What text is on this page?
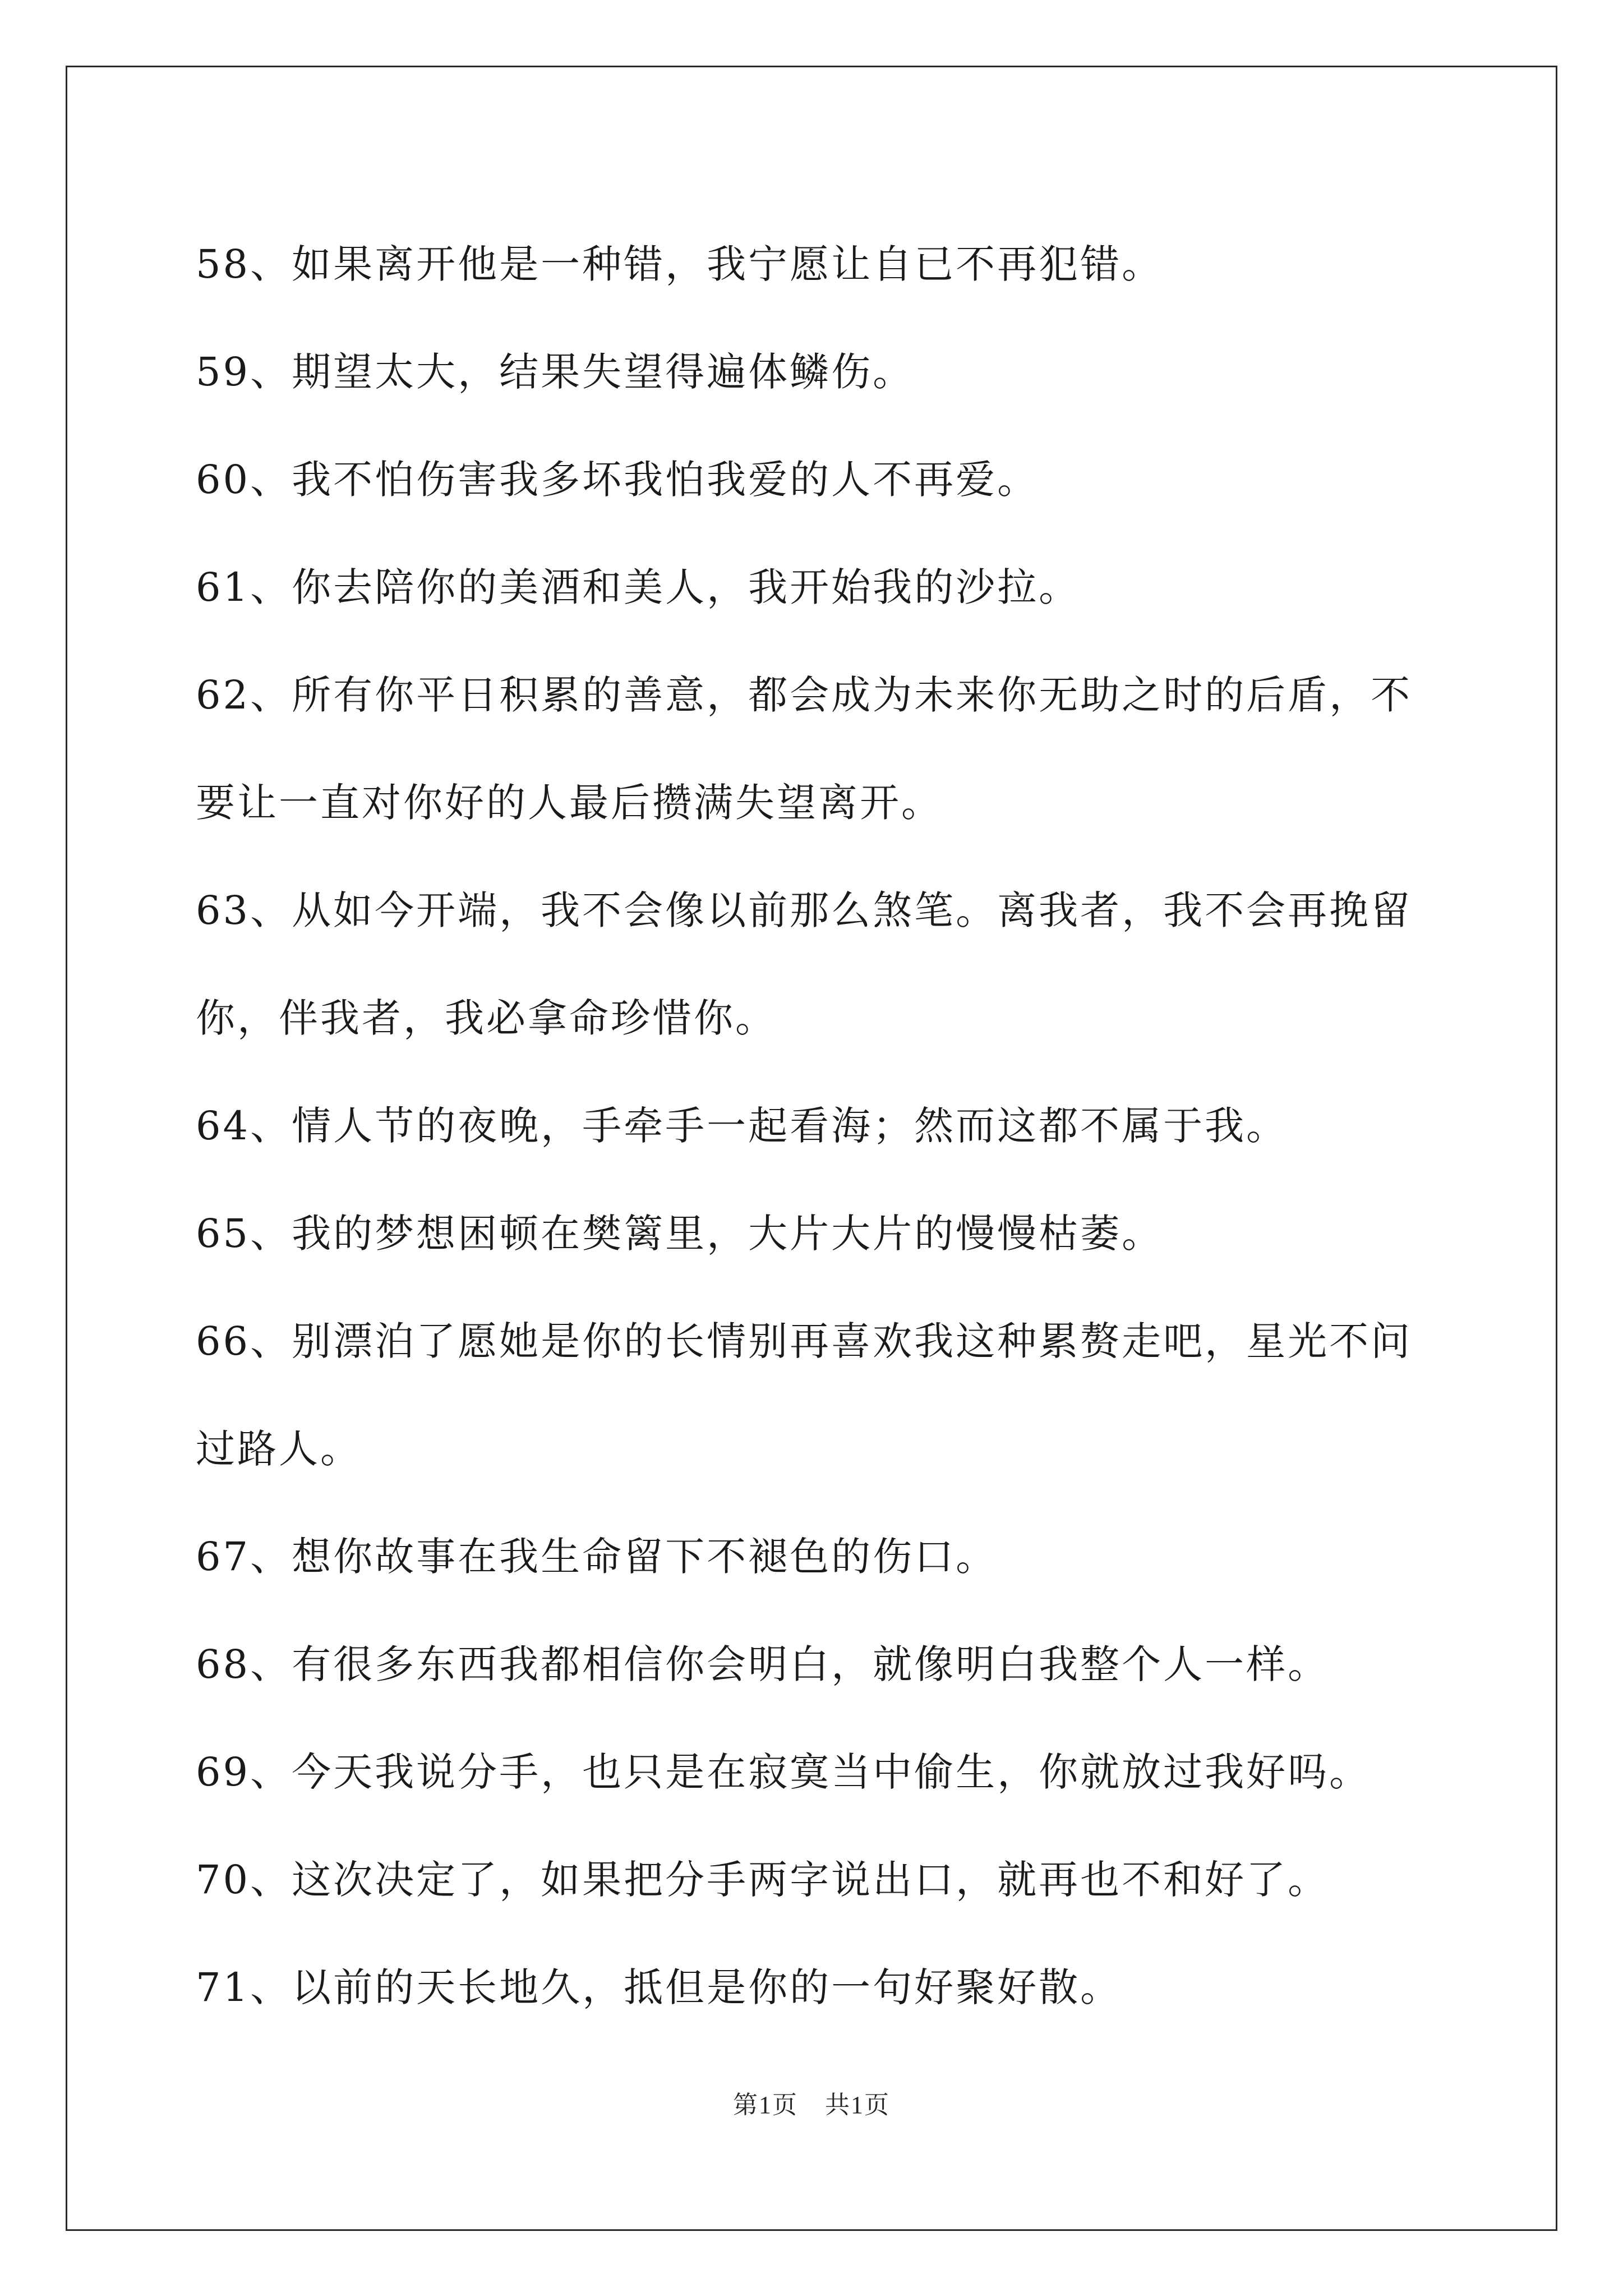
58、如果离开他是一种错，我宁愿让自已不再犯错。
59、期望太大，结果失望得遍体鳞伤。
60、我不怕伤害我多坏我怕我爱的人不再爱。
61、你去陪你的美酒和美人，我开始我的沙拉。
62、所有你平日积累的善意，都会成为未来你无助之时的后盾，不要让一直对你好的人最后攒满失望离开。
63、从如今开端，我不会像以前那么煞笔。离我者，我不会再挽留你，伴我者，我必拿命珍惜你。
64、情人节的夜晚，手牵手一起看海；然而这都不属于我。
65、我的梦想困顿在樊篱里，大片大片的慢慢枯萎。
66、别漂泊了愿她是你的长情别再喜欢我这种累赘走吧，星光不问过路人。
67、想你故事在我生命留下不褪色的伤口。
68、有很多东西我都相信你会明白，就像明白我整个人一样。
69、今天我说分手，也只是在寂寞当中偷生，你就放过我好吗。
70、这次决定了，如果把分手两字说出口，就再也不和好了。
71、以前的天长地久，抵但是你的一句好聚好散。
第1页 共1页
